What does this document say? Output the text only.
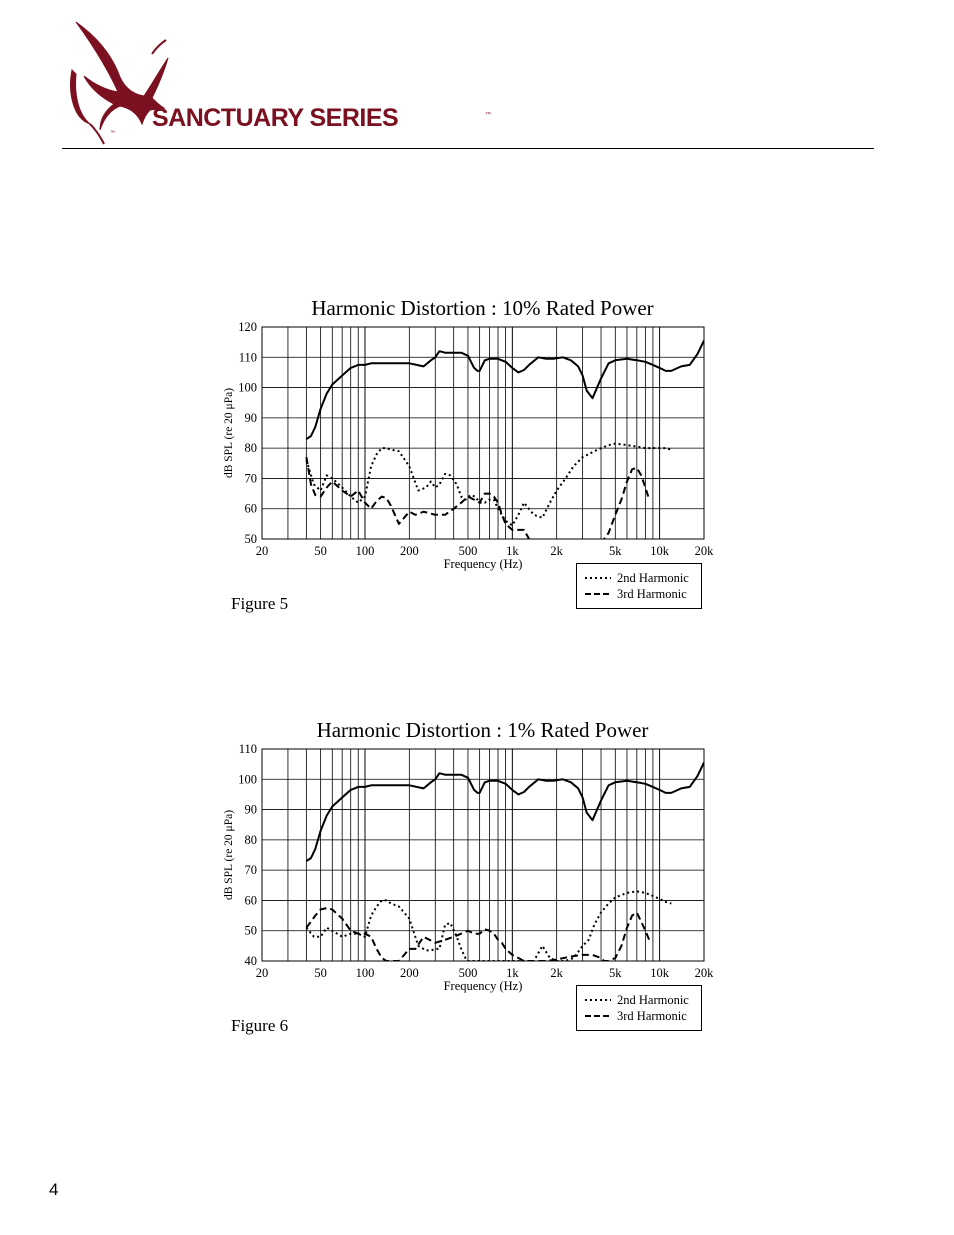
™
SANCTUARY SERIES	™
Harmonic Distortion : 10% Rated Power
50
60
70
80
90
100
110
120
20	50 100 200	500 1k	2k	5k 10k 20k
Frequency (Hz)
dB SPL (re 20 μPa)
Figure 5
2nd Harmonic
3rd Harmonic
Harmonic Distortion : 1% Rated Power
40
50
60
70
80
90
100
110
20	50 100 200	500 1k	2k	5k 10k 20k
Frequency (Hz)
dB SPL (re 20 μPa)
Figure 6
2nd Harmonic
3rd Harmonic
4
